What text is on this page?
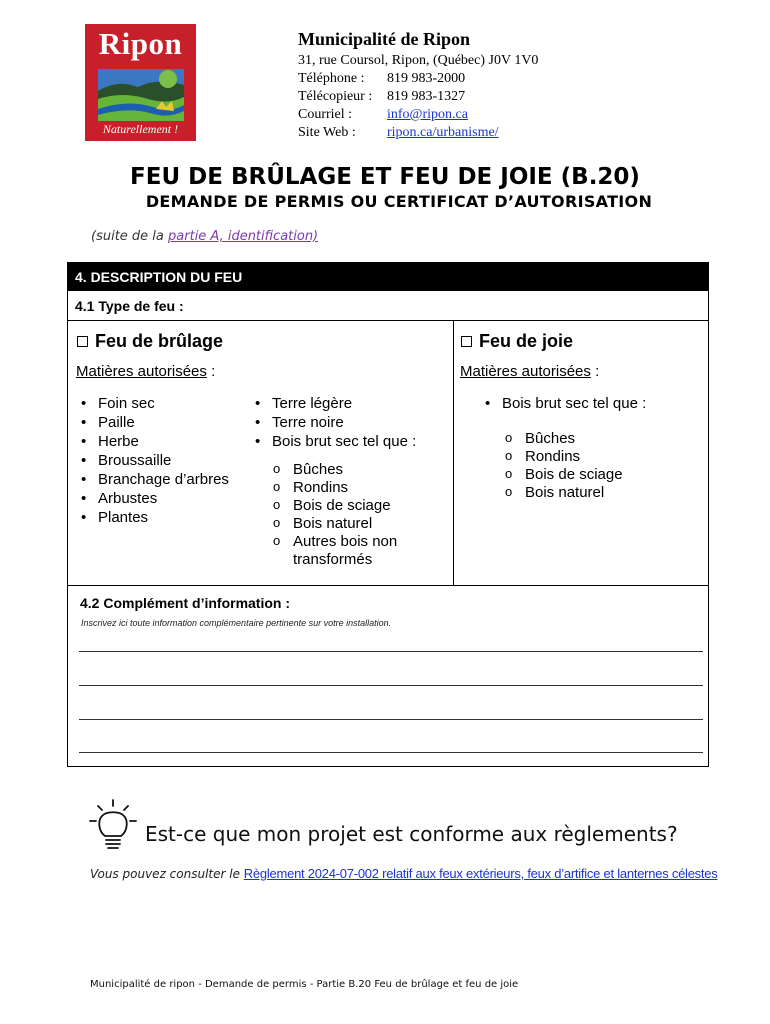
Ripon
Naturellement !
Municipalité de Ripon
31, rue Coursol, Ripon, (Québec) J0V 1V0	
Téléphone :	819 983-2000
Télécopieur :	819 983-1327
Courriel :	info@ripon.ca
Site Web :	ripon.ca/urbanisme/
FEU DE BRÛLAGE ET FEU DE JOIE (B.20)
DEMANDE DE PERMIS OU CERTIFICAT D’AUTORISATION
(suite de la partie A, identification)
4. DESCRIPTION DU FEU
4.1 Type de feu :
Feu de brûlage
Matières autorisées :
• Foin sec
• Paille
• Herbe
• Broussaille
• Branchage d’arbres
• Arbustes
• Plantes
• Terre légère
• Terre noire
• Bois brut sec tel que :
o Bûches
o Rondins
o Bois de sciage
o Bois naturel
o Autres bois non
transformés
Feu de joie
Matières autorisées :
• Bois brut sec tel que :
o Bûches
o Rondins
o Bois de sciage
o Bois naturel
4.2 Complément d’information :
Inscrivez ici toute information complémentaire pertinente sur votre installation.
Est-ce que mon projet est conforme aux règlements?
Vous pouvez consulter le Règlement 2024-07-002 relatif aux feux extérieurs, feux d’artifice et lanternes célestes
Municipalité de ripon - Demande de permis - Partie B.20 Feu de brûlage et feu de joie
